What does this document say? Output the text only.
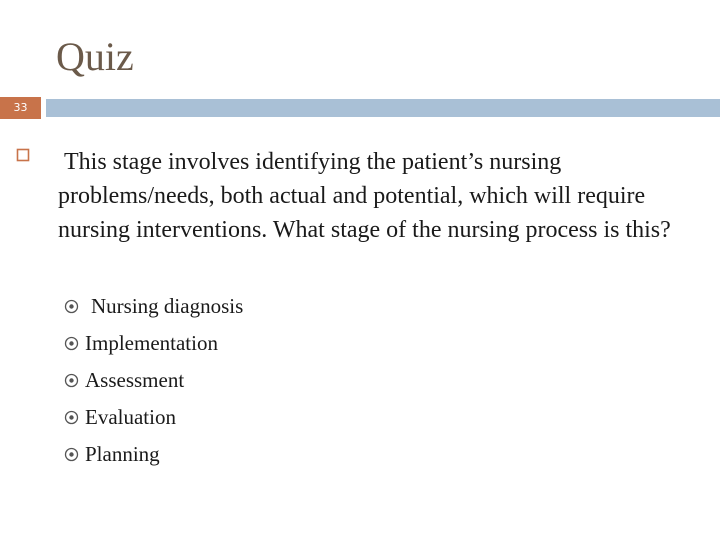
Quiz
33
This stage involves identifying the patient’s nursing problems/needs, both actual and potential, which will require nursing interventions. What stage of the nursing process is this?
Nursing diagnosis
Implementation
Assessment
Evaluation
Planning
